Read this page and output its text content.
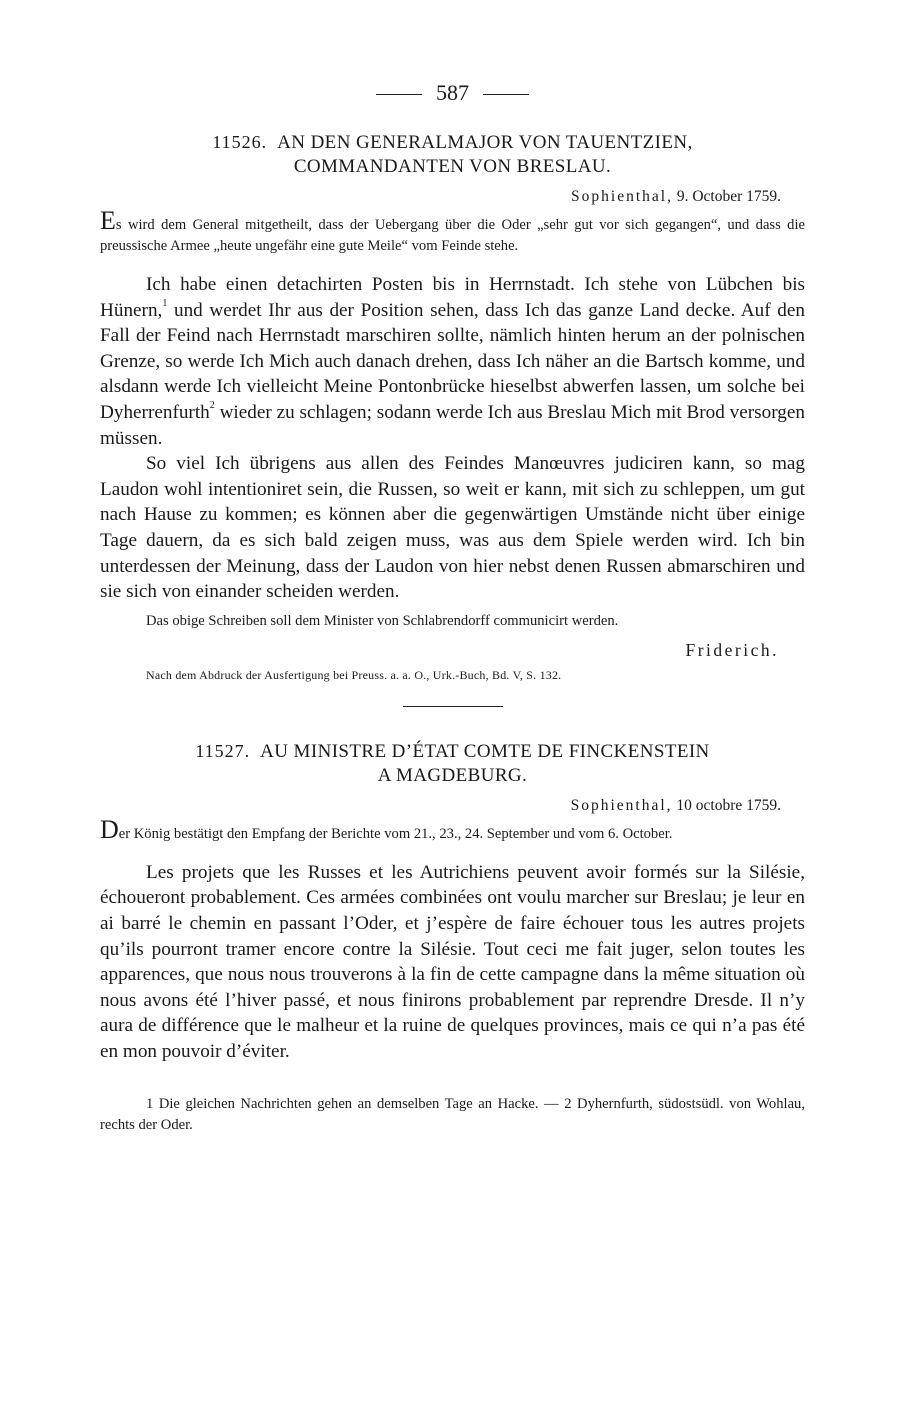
587
11526. AN DEN GENERALMAJOR VON TAUENTZIEN,
COMMANDANTEN VON BRESLAU.
Sophienthal, 9. October 1759.
Es wird dem General mitgetheilt, dass der Uebergang über die Oder „sehr gut vor sich gegangen“, und dass die preussische Armee „heute ungefähr eine gute Meile“ vom Feinde stehe.

Ich habe einen detachirten Posten bis in Herrnstadt. Ich stehe von Lübchen bis Hünern,$^1$ und werdet Ihr aus der Position sehen, dass Ich das ganze Land decke. Auf den Fall der Feind nach Herrnstadt marschiren sollte, nämlich hinten herum an der polnischen Grenze, so werde Ich Mich auch danach drehen, dass Ich näher an die Bartsch komme, und alsdann werde Ich vielleicht Meine Pontonbrücke hieselbst abwerfen lassen, um solche bei Dyherrenfurth$^2$ wieder zu schlagen; sodann werde Ich aus Breslau Mich mit Brod versorgen müssen.

So viel Ich übrigens aus allen des Feindes Manœuvres judiciren kann, so mag Laudon wohl intentioniret sein, die Russen, so weit er kann, mit sich zu schleppen, um gut nach Hause zu kommen; es können aber die gegenwärtigen Umstände nicht über einige Tage dauern, da es sich bald zeigen muss, was aus dem Spiele werden wird. Ich bin unterdessen der Meinung, dass der Laudon von hier nebst denen Russen abmarschiren und sie sich von einander scheiden werden.

Das obige Schreiben soll dem Minister von Schlabrendorff communicirt werden.
Friderich.
Nach dem Abdruck der Ausfertigung bei Preuss. a. a. O., Urk.-Buch, Bd. V, S. 132.
11527. AU MINISTRE D’ÉTAT COMTE DE FINCKENSTEIN
A MAGDEBURG.
Sophienthal, 10 octobre 1759.
Der König bestätigt den Empfang der Berichte vom 21., 23., 24. September und vom 6. October.

Les projets que les Russes et les Autrichiens peuvent avoir formés sur la Silésie, échoueront probablement. Ces armées combinées ont voulu marcher sur Breslau; je leur en ai barré le chemin en passant l’Oder, et j’espère de faire échouer tous les autres projets qu’ils pourront tramer encore contre la Silésie. Tout ceci me fait juger, selon toutes les apparences, que nous nous trouverons à la fin de cette campagne dans la même situation où nous avons été l’hiver passé, et nous finirons probablement par reprendre Dresde. Il n’y aura de différence que le malheur et la ruine de quelques provinces, mais ce qui n’a pas été en mon pouvoir d’éviter.

1 Die gleichen Nachrichten gehen an demselben Tage an Hacke. — 2 Dyhernfurth, südostsüdl. von Wohlau, rechts der Oder.
